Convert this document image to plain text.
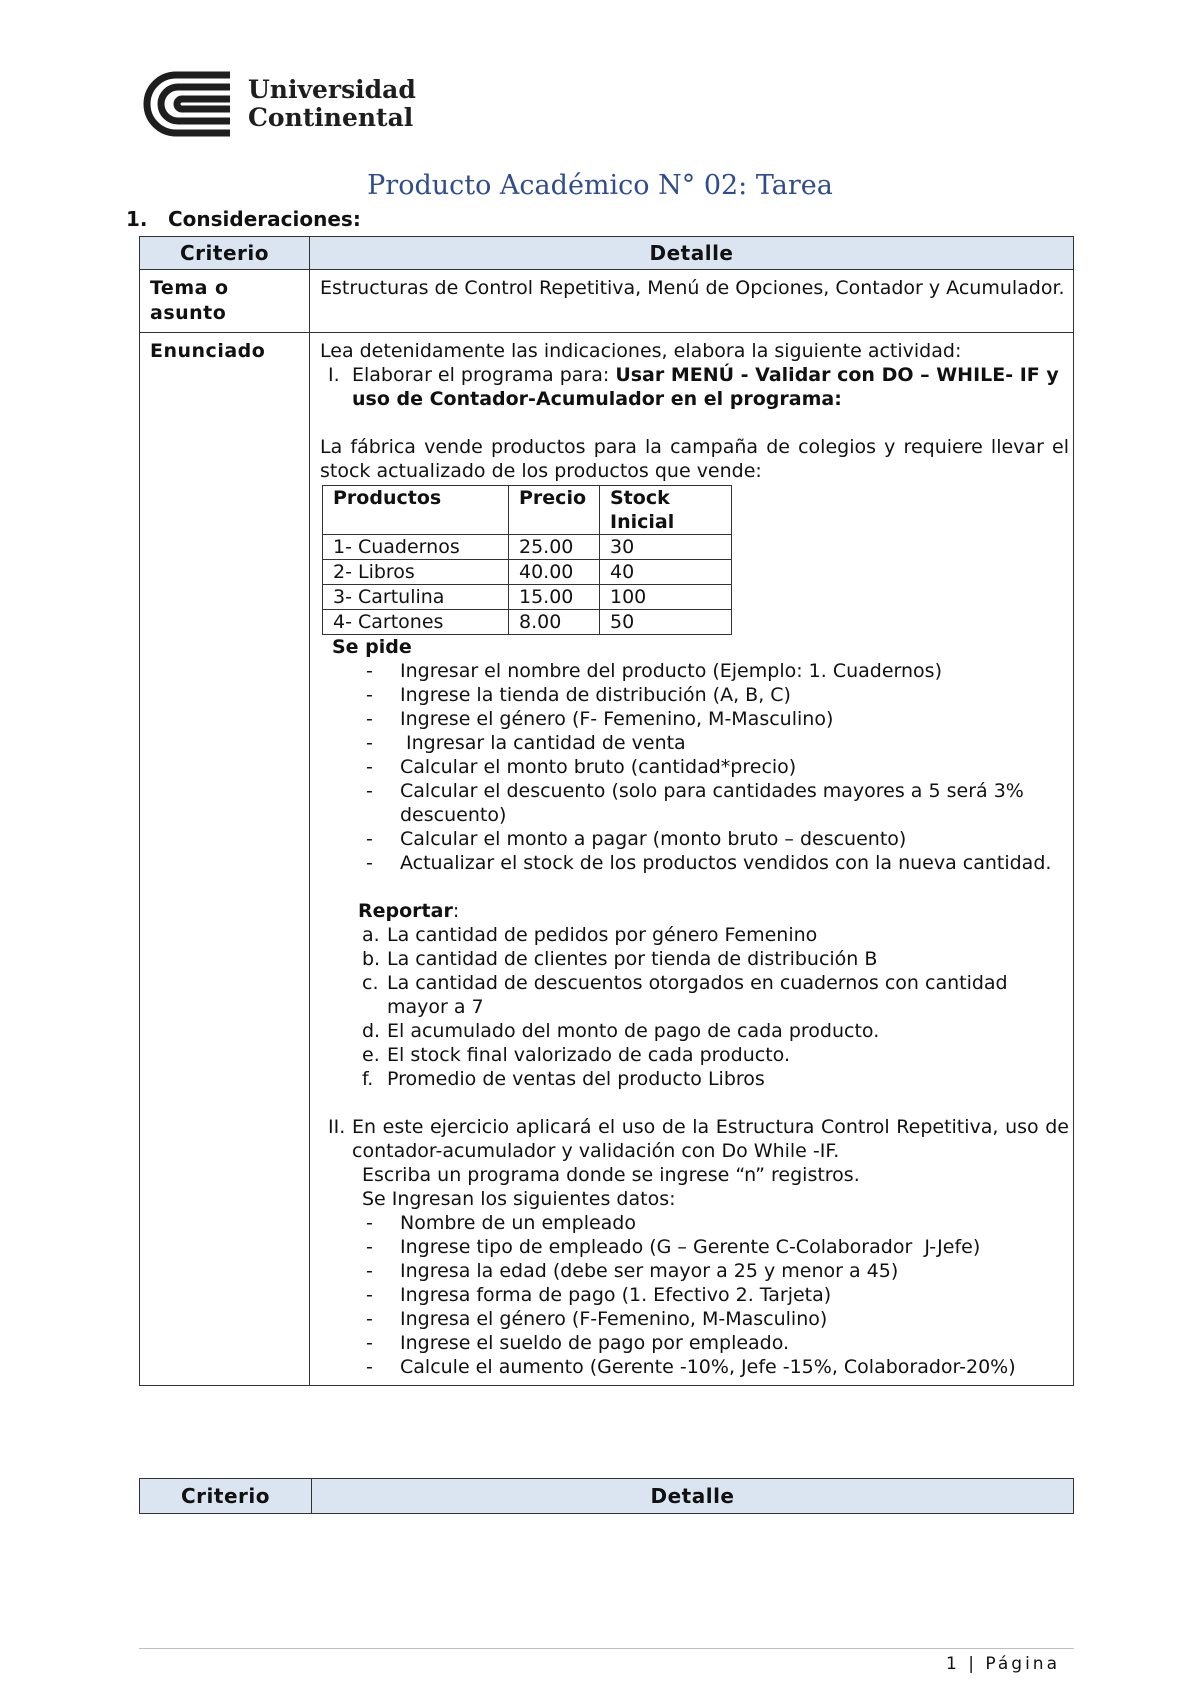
Universidad
Continental
Producto Académico N° 02: Tarea
1. Consideraciones:
Criterio	Detalle
Tema o asunto	Estructuras de Control Repetitiva, Menú de Opciones, Contador y Acumulador.
Enunciado	Lea detenidamente las indicaciones, elabora la siguiente actividad:

I. Elaborar el programa para: Usar MENÚ - Validar con DO – WHILE- IF y uso de Contador-Acumulador en el programa:

La fábrica vende productos para la campaña de colegios y requiere llevar el stock actualizado de los productos que vende:

Productos	Precio	Stock Inicial
1- Cuadernos	25.00	30
2- Libros	40.00	40
3- Cartulina	15.00	100
4- Cartones	8.00	50

Se pide

-	Ingresar el nombre del producto (Ejemplo: 1. Cuadernos)
-	Ingrese la tienda de distribución (A, B, C)
-	Ingrese el género (F- Femenino, M-Masculino)
-	Ingresar la cantidad de venta
-	Calcular el monto bruto (cantidad*precio)
-	Calcular el descuento (solo para cantidades mayores a 5 será 3% descuento)
-	Calcular el monto a pagar (monto bruto – descuento)
-	Actualizar el stock de los productos vendidos con la nueva cantidad.

Reportar:

a. La cantidad de pedidos por género Femenino
b. La cantidad de clientes por tienda de distribución B
c. La cantidad de descuentos otorgados en cuadernos con cantidad mayor a 7
d. El acumulado del monto de pago de cada producto.
e. El stock final valorizado de cada producto.
f. Promedio de ventas del producto Libros
II. En este ejercicio aplicará el uso de la Estructura Control Repetitiva, uso de contador-acumulador y validación con Do While -IF.

Escriba un programa donde se ingrese “n” registros.

Se Ingresan los siguientes datos:

-	Nombre de un empleado
-	Ingrese tipo de empleado (G – Gerente C-Colaborador  J-Jefe)
-	Ingresa la edad (debe ser mayor a 25 y menor a 45)
-	Ingresa forma de pago (1. Efectivo 2. Tarjeta)
-	Ingresa el género (F-Femenino, M-Masculino)
-	Ingrese el sueldo de pago por empleado.
-	Calcule el aumento (Gerente -10%, Jefe -15%, Colaborador-20%)
Criterio	Detalle
1 | Página
